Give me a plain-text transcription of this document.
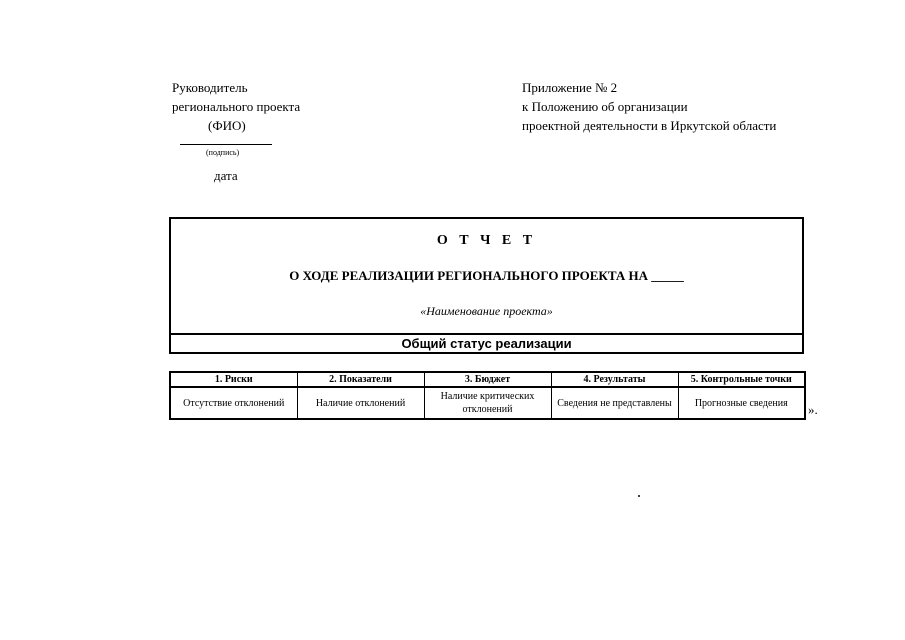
Руководитель
регионального проекта
(ФИО)
(подпись)
дата
Приложение № 2
к Положению об организации
проектной деятельности в Иркутской области
О Т Ч Е Т
О ХОДЕ РЕАЛИЗАЦИИ РЕГИОНАЛЬНОГО ПРОЕКТА НА _____
«Наименование проекта»
Общий статус реализации
1. Риски	2. Показатели	3. Бюджет	4. Результаты	5. Контрольные точки
Отсутствие отклонений	Наличие отклонений	Наличие критических отклонений	Сведения не представлены	Прогнозные сведения ».
